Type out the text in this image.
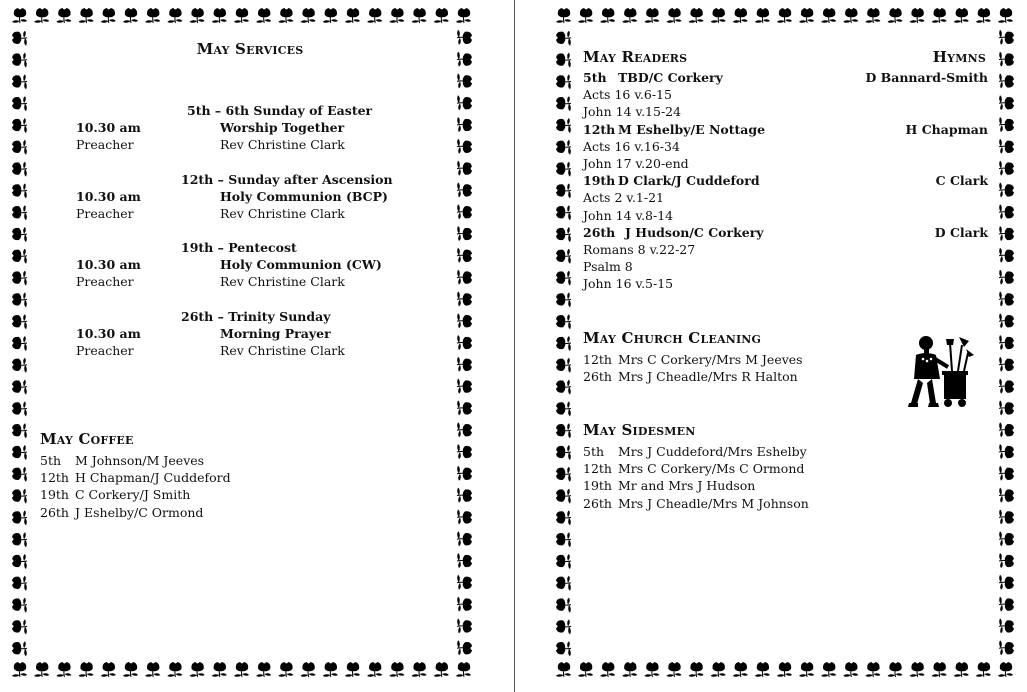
May Services
5th – 6th Sunday of Easter
10.30 am	Worship Together
Preacher	Rev Christine Clark
12th – Sunday after Ascension
10.30 am	Holy Communion (BCP)
Preacher	Rev Christine Clark
19th – Pentecost
10.30 am	Holy Communion (CW)
Preacher	Rev Christine Clark
26th – Trinity Sunday
10.30 am	Morning Prayer
Preacher	Rev Christine Clark
May Coffee
5th M Johnson/M Jeeves
12th H Chapman/J Cuddeford
19th C Corkery/J Smith
26th J Eshelby/C Ormond
May Readers	Hymns
5th TBD/C Corkery	D Bannard-Smith
Acts 16 v.6-15
John 14 v.15-24
12th M Eshelby/E Nottage	H Chapman
Acts 16 v.16-34
John 17 v.20-end
19th D Clark/J Cuddeford	C Clark
Acts 2 v.1-21
John 14 v.8-14
26th J Hudson/C Corkery	D Clark
Romans 8 v.22-27
Psalm 8
John 16 v.5-15
May Church Cleaning
12th Mrs C Corkery/Mrs M Jeeves
26th Mrs J Cheadle/Mrs R Halton
May Sidesmen
5th Mrs J Cuddeford/Mrs Eshelby
12th Mrs C Corkery/Ms C Ormond
19th Mr and Mrs J Hudson
26th Mrs J Cheadle/Mrs M Johnson
